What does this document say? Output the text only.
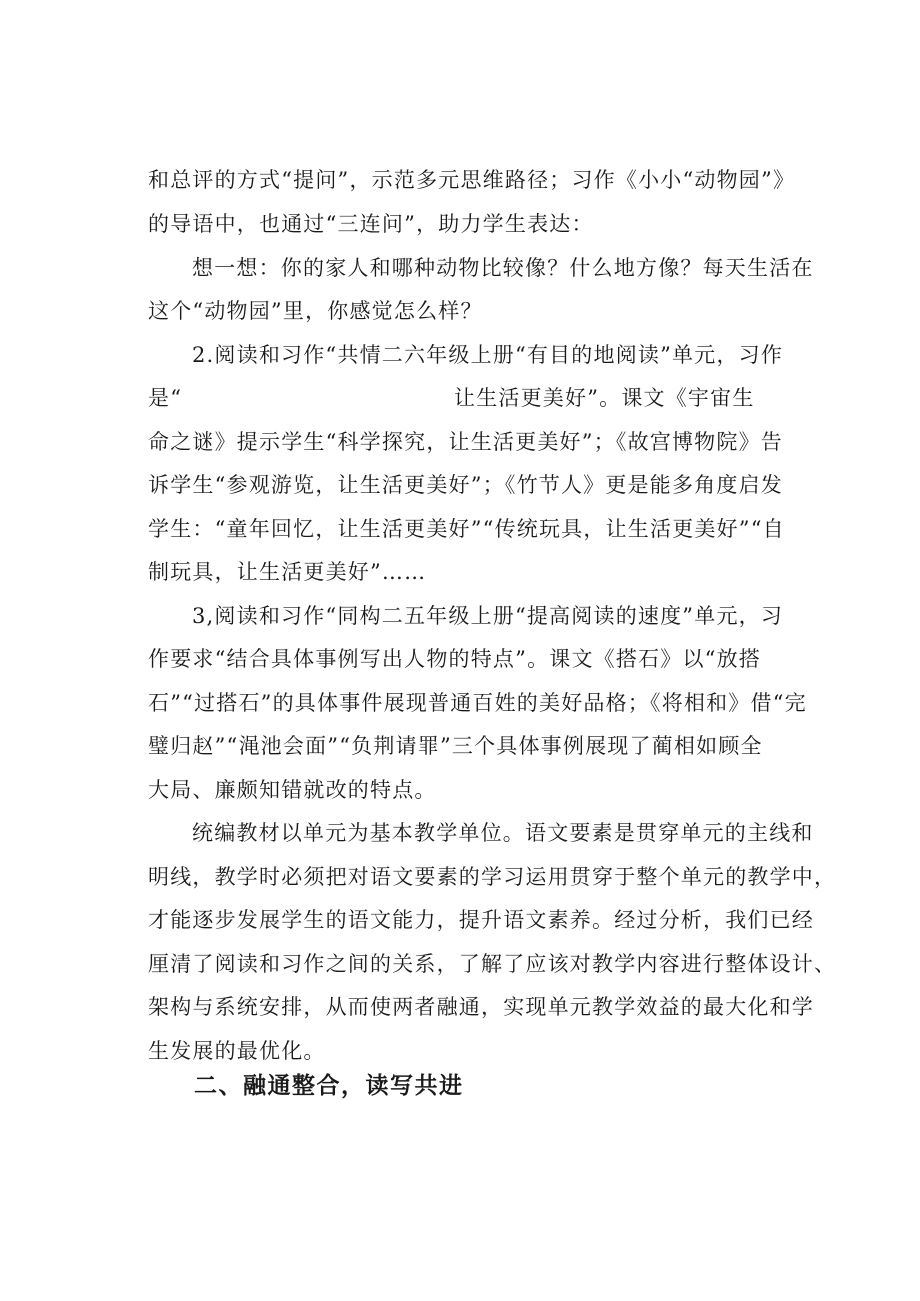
和总评的方式“提问”，示范多元思维路径；习作《小小“动物园”》
的导语中，也通过“三连问”，助力学生表达：
想一想：你的家人和哪种动物比较像？什么地方像？每天生活在
这个“动物园”里，你感觉怎么样？
2.阅读和习作“共情二六年级上册“有目的地阅读”单元，习作
是“	让生活更美好”。课文《宇宙生
命之谜》提示学生“科学探究，让生活更美好”；《故宫博物院》告
诉学生“参观游览，让生活更美好”；《竹节人》更是能多角度启发
学生：“童年回忆，让生活更美好”“传统玩具，让生活更美好”“自
制玩具，让生活更美好”……
3,阅读和习作“同构二五年级上册“提高阅读的速度”单元，习
作要求“结合具体事例写出人物的特点”。课文《搭石》以“放搭
石”“过搭石”的具体事件展现普通百姓的美好品格；《将相和》借“完
璧归赵”“渑池会面”“负荆请罪”三个具体事例展现了蔺相如顾全
大局、廉颇知错就改的特点。
统编教材以单元为基本教学单位。语文要素是贯穿单元的主线和
明线，教学时必须把对语文要素的学习运用贯穿于整个单元的教学中，
才能逐步发展学生的语文能力，提升语文素养。经过分析，我们已经
厘清了阅读和习作之间的关系，了解了应该对教学内容进行整体设计、
架构与系统安排，从而使两者融通，实现单元教学效益的最大化和学
生发展的最优化。
二、融通整合，读写共进
